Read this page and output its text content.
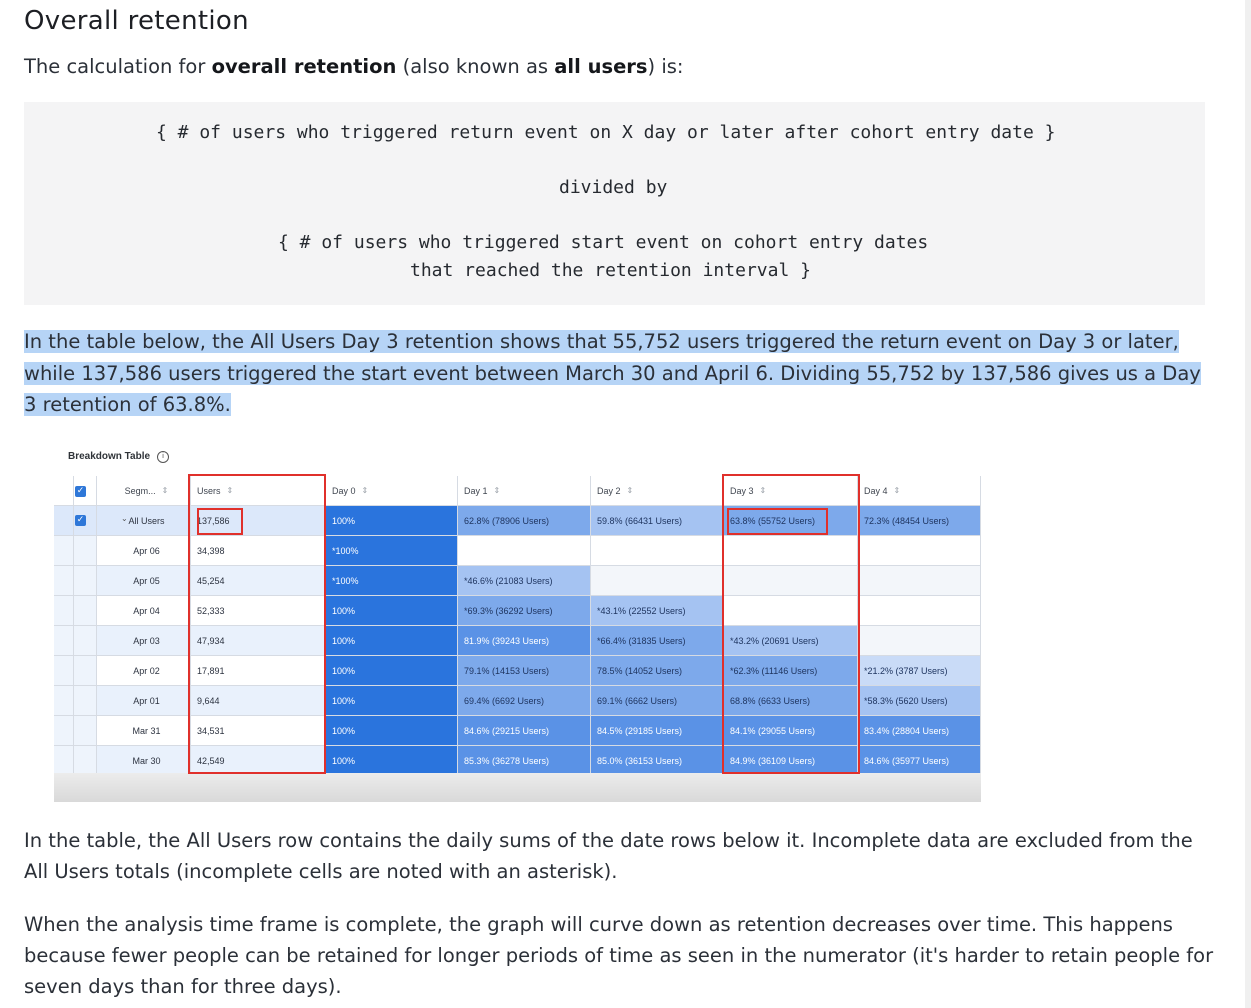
Overall retention

The calculation for overall retention (also known as all users) is:

{ # of users who triggered return event on X day or later after cohort entry date }
divided by
{ # of users who triggered start event on cohort entry dates
that reached the retention interval }

In the table below, the All Users Day 3 retention shows that 55,752 users triggered the return event on Day 3 or later, while 137,586 users triggered the start event between March 30 and April 6. Dividing 55,752 by 137,586 gives us a Day 3 retention of 63.8%.

Breakdown Table	i
Segm... ⇕	Users ⇕	Day 0 ⇕	Day 1 ⇕	Day 2 ⇕	Day 3 ⇕	Day 4 ⇕
✓
All Users	137,586	100%	62.8% (78906 Users)	59.8% (66431 Users)	63.8% (55752 Users)	72.3% (48454 Users)
Apr 06	34,398	*100%
Apr 05	45,254	*100%	*46.6% (21083 Users)
Apr 04	52,333	100%	*69.3% (36292 Users)	*43.1% (22552 Users)
Apr 03	47,934	100%	81.9% (39243 Users)	*66.4% (31835 Users)	*43.2% (20691 Users)
Apr 02	17,891	100%	79.1% (14153 Users)	78.5% (14052 Users)	*62.3% (11146 Users)	*21.2% (3787 Users)
Apr 01	9,644	100%	69.4% (6692 Users)	69.1% (6662 Users)	68.8% (6633 Users)	*58.3% (5620 Users)
Mar 31	34,531	100%	84.6% (29215 Users)	84.5% (29185 Users)	84.1% (29055 Users)	83.4% (28804 Users)
Mar 30	42,549	100%	85.3% (36278 Users)	85.0% (36153 Users)	84.9% (36109 Users)	84.6% (35977 Users)
✓	⌄

In the table, the All Users row contains the daily sums of the date rows below it. Incomplete data are excluded from the All Users totals (incomplete cells are noted with an asterisk).

When the analysis time frame is complete, the graph will curve down as retention decreases over time. This happens because fewer people can be retained for longer periods of time as seen in the numerator (it's harder to retain people for seven days than for three days).
